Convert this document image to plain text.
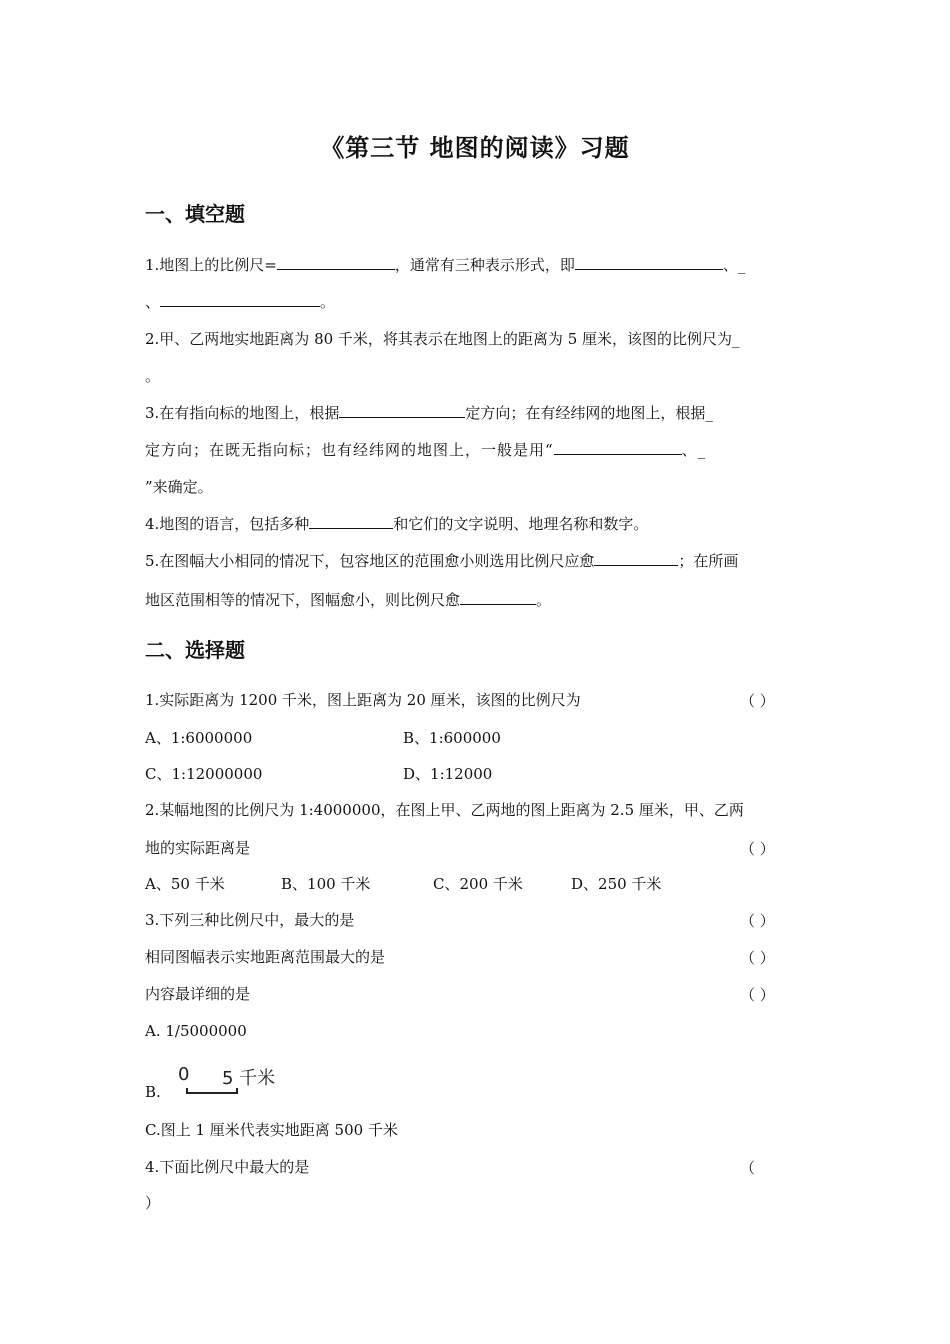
《第三节 地图的阅读》习题
一、填空题
1.地图上的比例尺=	，通常有三种表示形式，即	、_
、	。
2.甲、乙两地实地距离为 80 千米，将其表示在地图上的距离为 5 厘米，该图的比例尺为_
。
3.在有指向标的地图上，根据	定方向；在有经纬网的地图上，根据_
定方向；在既无指向标；也有经纬网的地图上，一般是用“	、_
”来确定。
4.地图的语言，包括多种	和它们的文字说明、地理名称和数字。
5.在图幅大小相同的情况下，包容地区的范围愈小则选用比例尺应愈	；在所画
地区范围相等的情况下，图幅愈小，则比例尺愈	。
二、选择题
1.实际距离为 1200 千米，图上距离为 20 厘米，该图的比例尺为	（ ）
A、1:6000000	B、1:600000
C、1:12000000	D、1:12000
2.某幅地图的比例尺为 1:4000000，在图上甲、乙两地的图上距离为 2.5 厘米，甲、乙两
地的实际距离是	（ ）
A、50 千米	B、100 千米	C、200 千米	D、250 千米
3.下列三种比例尺中，最大的是	（ ）
相同图幅表示实地距离范围最大的是	（ ）
内容最详细的是	（ ）
A. 1/5000000
B.
0 5 千米
C.图上 1 厘米代表实地距离 500 千米
4.下面比例尺中最大的是	（
）
